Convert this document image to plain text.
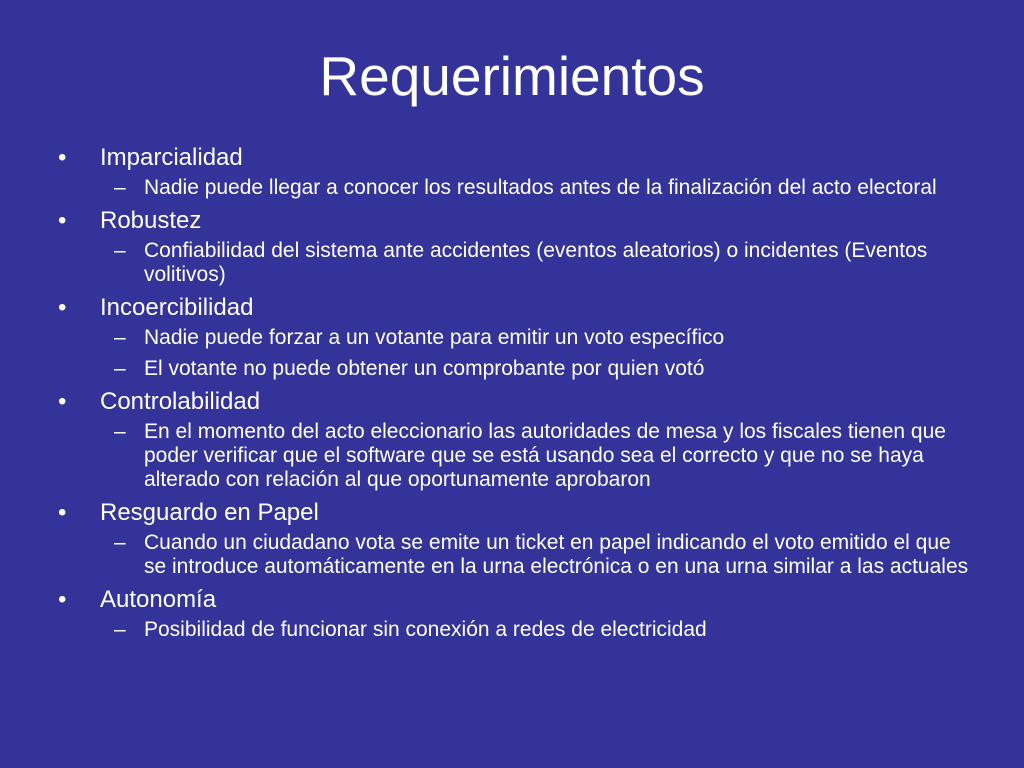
Requerimientos
•	Imparcialidad
– Nadie puede llegar a conocer los resultados antes de la finalización del acto electoral
•	Robustez
– Confiabilidad del sistema ante accidentes (eventos aleatorios) o incidentes (Eventos volitivos)
•	Incoercibilidad
– Nadie puede forzar a un votante para emitir un voto específico
– El votante no puede obtener un comprobante por quien votó
•	Controlabilidad
– En el momento del acto eleccionario las autoridades de mesa y los fiscales tienen que poder verificar que el software que se está usando sea el correcto y que no se haya alterado con relación al que oportunamente aprobaron
•	Resguardo en Papel
– Cuando un ciudadano vota se emite un ticket en papel indicando el voto emitido el que se introduce automáticamente en la urna electrónica o en una urna similar a las actuales
•	Autonomía
– Posibilidad de funcionar sin conexión a redes de electricidad
